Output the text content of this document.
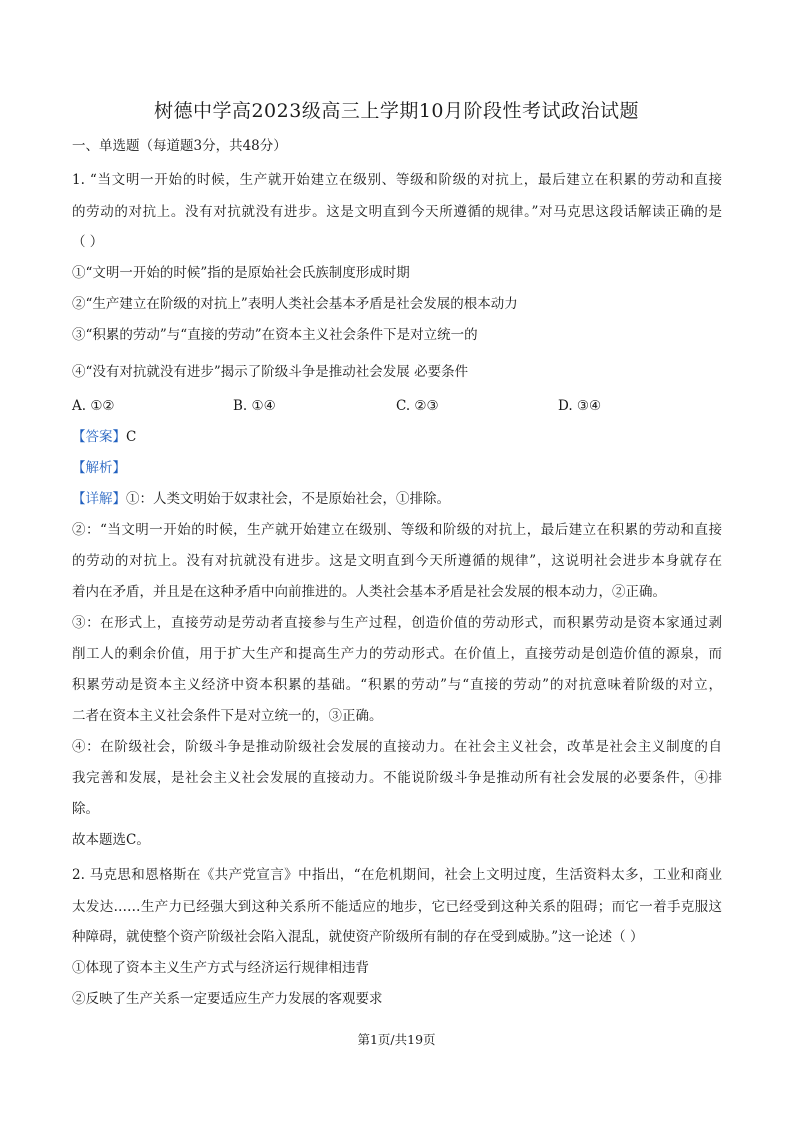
树德中学高2023级高三上学期10月阶段性考试政治试题
一、单选题（每道题3分，共48分）
1. “当文明一开始的时候，生产就开始建立在级别、等级和阶级的对抗上，最后建立在积累的劳动和直接
的劳动的对抗上。没有对抗就没有进步。这是文明直到今天所遵循的规律。”对马克思这段话解读正确的是
（ ）
①“文明一开始的时候”指的是原始社会氏族制度形成时期
②“生产建立在阶级的对抗上”表明人类社会基本矛盾是社会发展的根本动力
③“积累的劳动”与“直接的劳动”在资本主义社会条件下是对立统一的
④“没有对抗就没有进步”揭示了阶级斗争是推动社会发展 必要条件
A. ①②	B. ①④	C. ②③	D. ③④
【答案】C
【解析】
【详解】①：人类文明始于奴隶社会，不是原始社会，①排除。
②：“当文明一开始的时候，生产就开始建立在级别、等级和阶级的对抗上，最后建立在积累的劳动和直接
的劳动的对抗上。没有对抗就没有进步。这是文明直到今天所遵循的规律”，这说明社会进步本身就存在
着内在矛盾，并且是在这种矛盾中向前推进的。人类社会基本矛盾是社会发展的根本动力，②正确。
③：在形式上，直接劳动是劳动者直接参与生产过程，创造价值的劳动形式，而积累劳动是资本家通过剥
削工人的剩余价值，用于扩大生产和提高生产力的劳动形式。在价值上，直接劳动是创造价值的源泉，而
积累劳动是资本主义经济中资本积累的基础。“积累的劳动”与“直接的劳动”的对抗意味着阶级的对立，
二者在资本主义社会条件下是对立统一的，③正确。
④：在阶级社会，阶级斗争是推动阶级社会发展的直接动力。在社会主义社会，改革是社会主义制度的自
我完善和发展，是社会主义社会发展的直接动力。不能说阶级斗争是推动所有社会发展的必要条件，④排
除。
故本题选C。
2. 马克思和恩格斯在《共产党宣言》中指出，“在危机期间，社会上文明过度，生活资料太多，工业和商业
太发达……生产力已经强大到这种关系所不能适应的地步，它已经受到这种关系的阻碍；而它一着手克服这
种障碍，就使整个资产阶级社会陷入混乱，就使资产阶级所有制的存在受到威胁。”这一论述（ ）
①体现了资本主义生产方式与经济运行规律相违背
②反映了生产关系一定要适应生产力发展的客观要求
第1页/共19页
